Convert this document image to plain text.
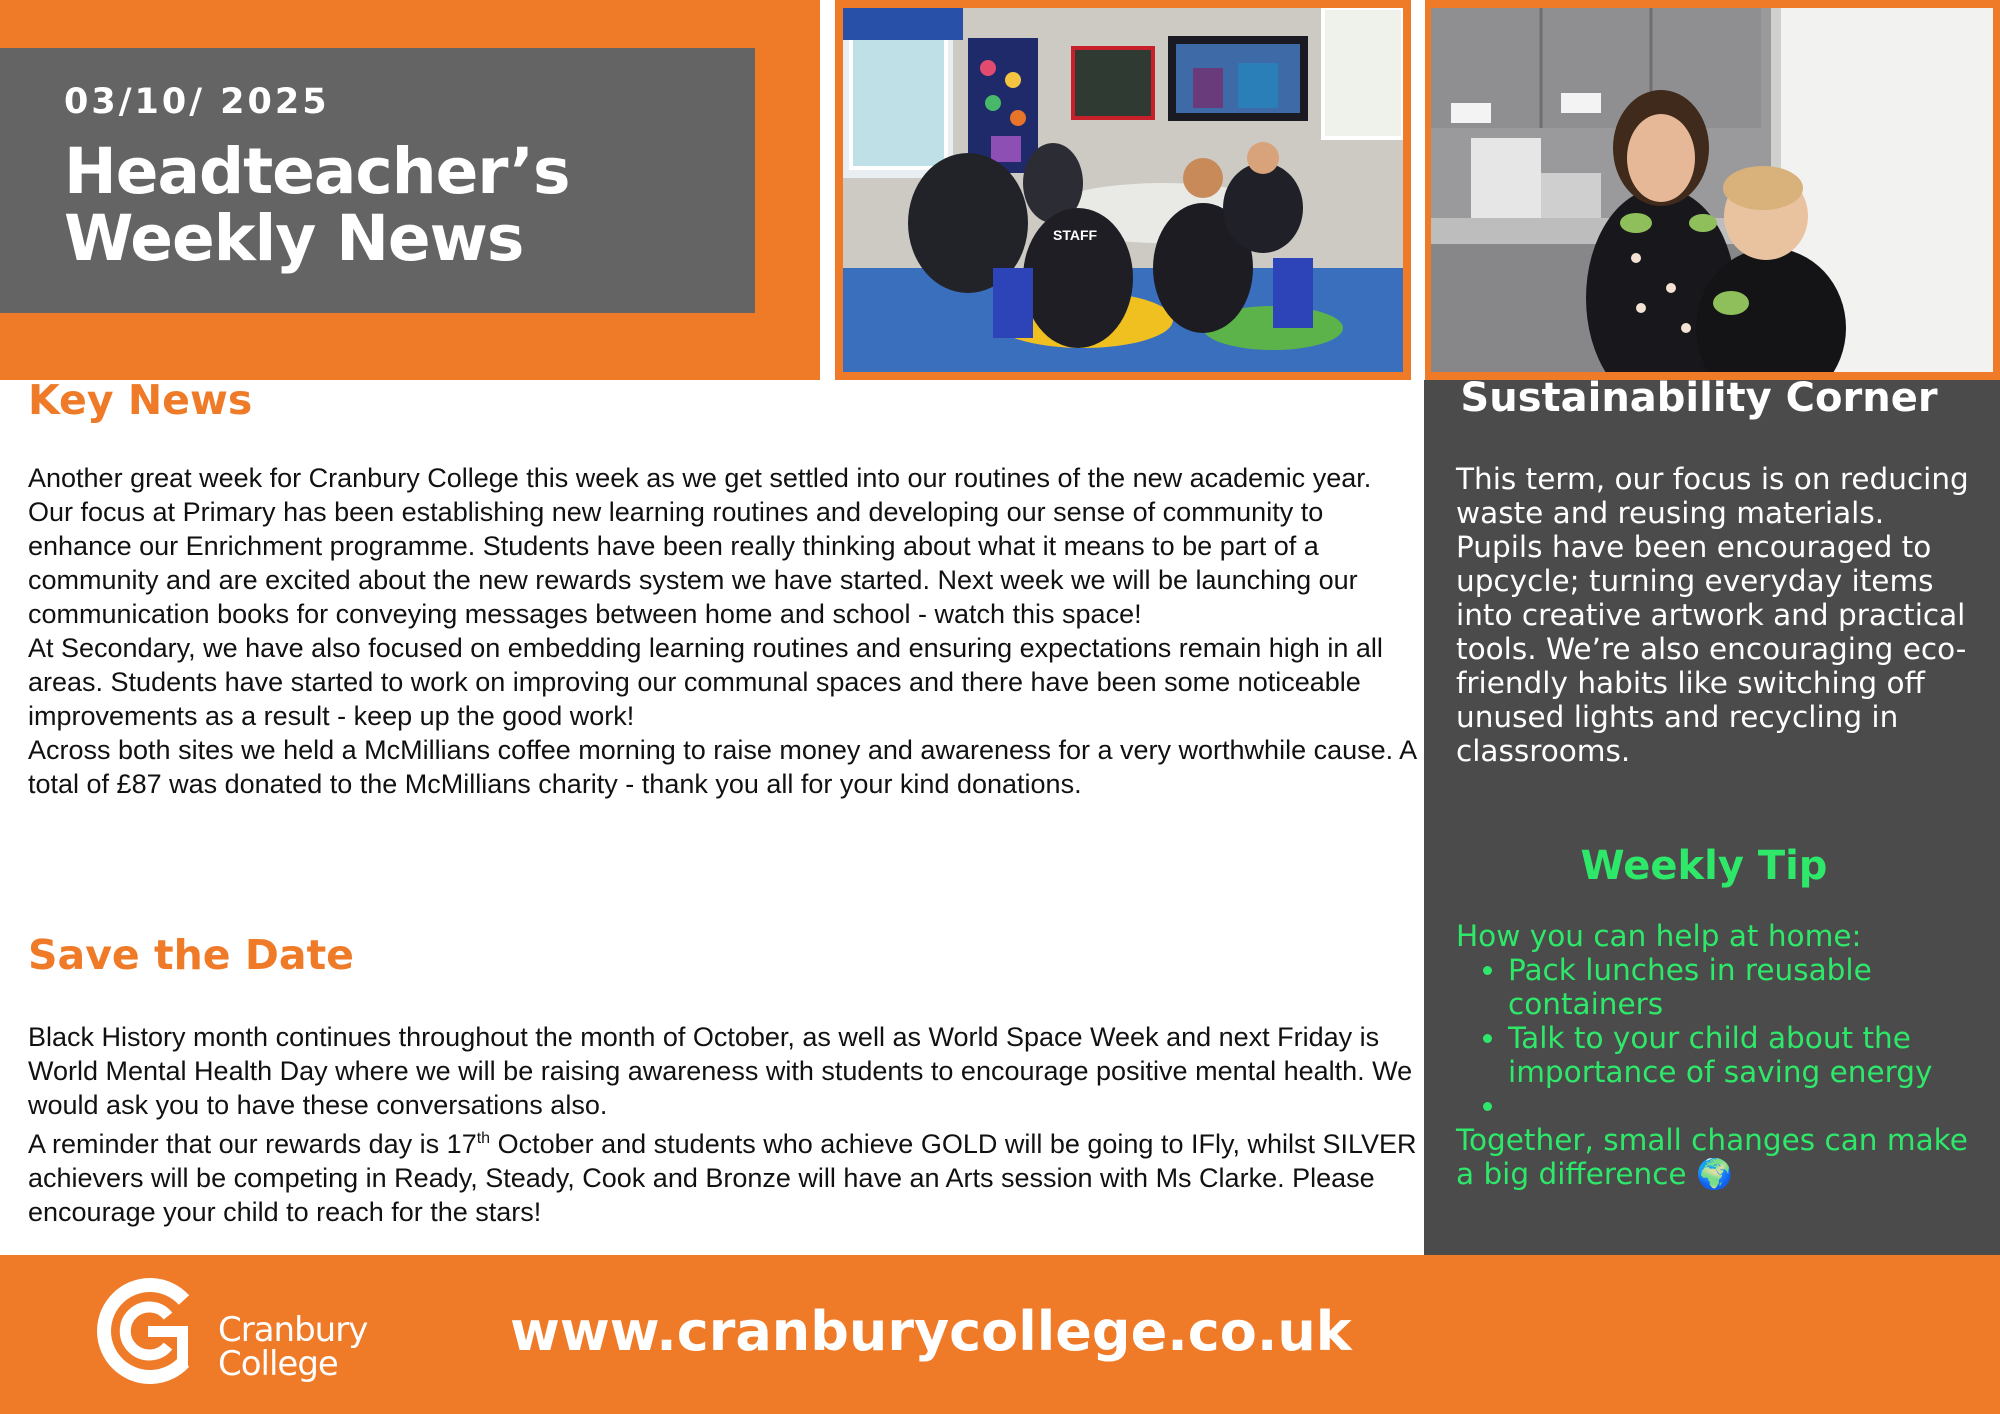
03/10/ 2025
Headteacher’s
Weekly News	STAFF
Key News

Another great week for Cranbury College this week as we get settled into our routines of the new academic year.

Our focus at Primary has been establishing new learning routines and developing our sense of community to enhance our Enrichment programme. Students have been really thinking about what it means to be part of a community and are excited about the new rewards system we have started. Next week we will be launching our communication books for conveying messages between home and school - watch this space!

At Secondary, we have also focused on embedding learning routines and ensuring expectations remain high in all areas. Students have started to work on improving our communal spaces and there have been some noticeable improvements as a result - keep up the good work!

Across both sites we held a McMillians coffee morning to raise money and awareness for a very worthwhile cause. A total of £87 was donated to the McMillians charity - thank you all for your kind donations.

Save the Date

Black History month continues throughout the month of October, as well as World Space Week and next Friday is World Mental Health Day where we will be raising awareness with students to encourage positive mental health. We would ask you to have these conversations also.

A reminder that our rewards day is 17th October and students who achieve GOLD will be going to IFly, whilst SILVER achievers will be competing in Ready, Steady, Cook and Bronze will have an Arts session with Ms Clarke. Please encourage your child to reach for the stars!

Sustainability Corner

This term, our focus is on reducing waste and reusing materials. Pupils have been encouraged to upcycle; turning everyday items into creative artwork and practical tools. We’re also encouraging eco-friendly habits like switching off unused lights and recycling in classrooms.

Weekly Tip
How you can help at home:
• Pack lunches in reusable containers
• Talk to your child about the importance of saving energy
•
Together, small changes can make a big difference 🌍
Cranbury
College
www.cranburycollege.co.uk
